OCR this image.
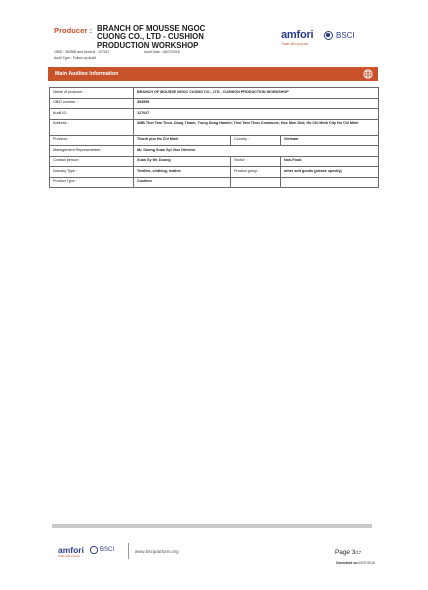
Producer : BRANCH OF MOUSSE NGOC CUONG CO., LTD - CUSHION PRODUCTION WORKSHOP
OBID : 353959 and Audit Id : 127047	Audit Date : 04/07/2018
Audit Type : Follow-up Audit
amfori	BSCI
Trade with purpose
Main Auditee Information
Name of producer :	BRANCH OF MOUSSE NGOC CUONG CO., LTD - CUSHION PRODUCTION WORKSHOP		
OBID number :	353959		
Audit ID :	127047		
Address :	3/8B Thoi Tam Thon, Dong Thanh, Trung Dong Hamlet, Thoi Tam Thon Commune, Hoc Mon Dist, Ho Chi Minh City Ho Chi Minh		
Province :	Thanh pho Ho Chi Minh	Country :	Vietnam
Management Representative :	Mr. Duong Xuan Syl Vice Director		
Contact person:	Xuan Sy Mr. Duong	Sector :	Non-Food
Industry Type :	Textiles, clothing, leather	Product group :	other soft goods (please specify)
Product Type :	Cushion		
amfori	BSCI
Trade with purpose
www.bsciplatform.org	Page 3/17
Generated on:03/07/2018
